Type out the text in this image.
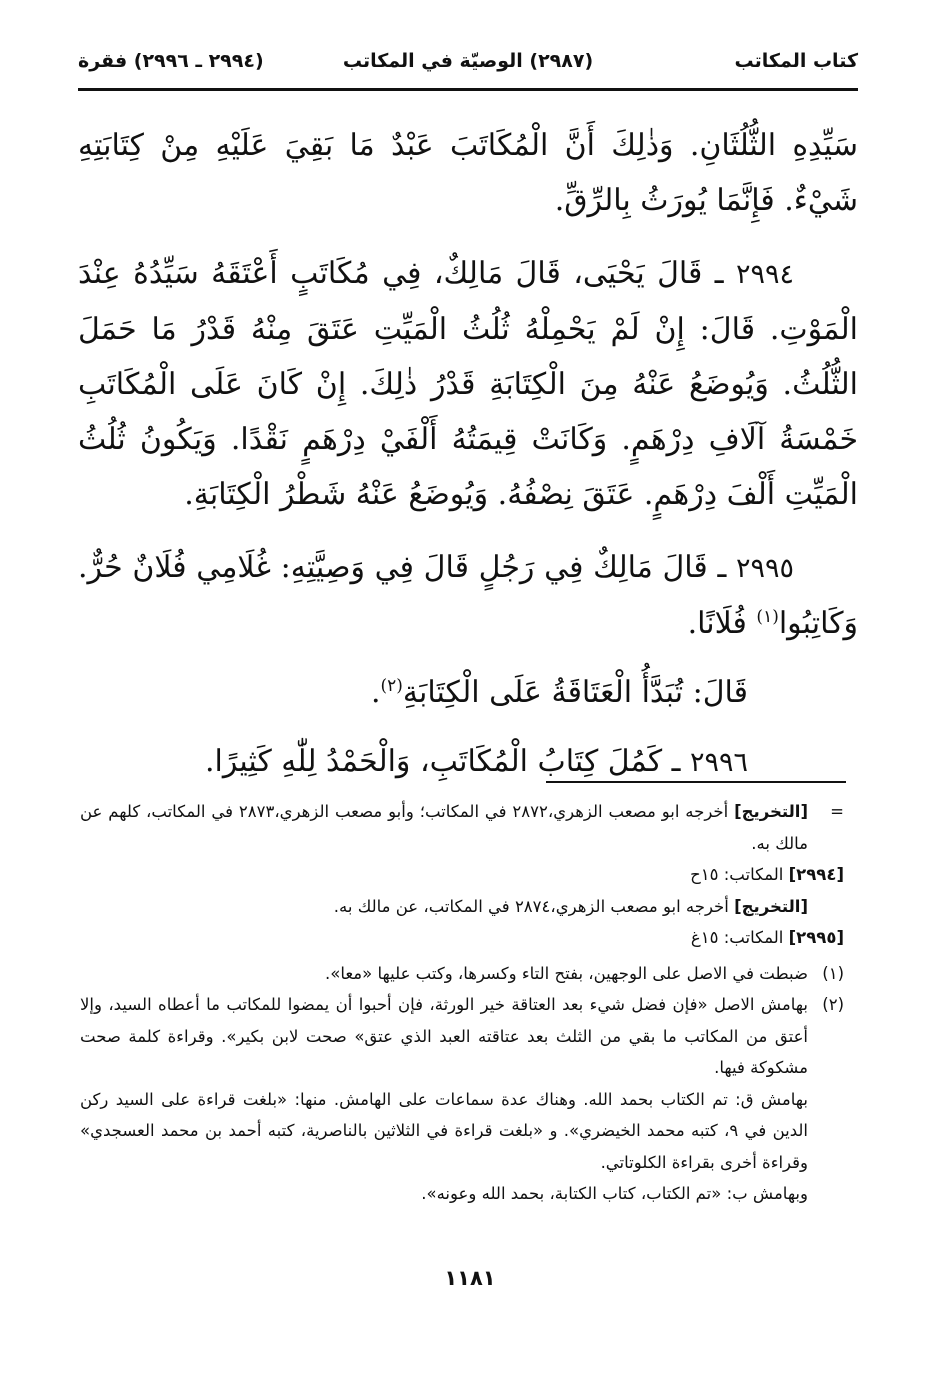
كتاب المكاتب
(٢٩٨٧) الوصيّة في المكاتب
(٢٩٩٤ ـ ٢٩٩٦) فقرة

سَيِّدِهِ الثُّلُثَانِ. وَذٰلِكَ أَنَّ الْمُكَاتَبَ عَبْدٌ مَا بَقِيَ عَلَيْهِ مِنْ كِتَابَتِهِ شَيْءٌ. فَإِنَّمَا يُورَثُ بِالرِّقِّ.

٢٩٩٤ ـ قَالَ يَحْيَى، قَالَ مَالِكٌ، فِي مُكَاتَبٍ أَعْتَقَهُ سَيِّدُهُ عِنْدَ الْمَوْتِ. قَالَ: إِنْ لَمْ يَحْمِلْهُ ثُلُثُ الْمَيِّتِ عَتَقَ مِنْهُ قَدْرُ مَا حَمَلَ الثُّلُثُ. وَيُوضَعُ عَنْهُ مِنَ الْكِتَابَةِ قَدْرُ ذٰلِكَ. إِنْ كَانَ عَلَى الْمُكَاتَبِ خَمْسَةُ آلَافِ دِرْهَمٍ. وَكَانَتْ قِيمَتُهُ أَلْفَيْ دِرْهَمٍ نَقْدًا. وَيَكُونُ ثُلُثُ الْمَيِّتِ أَلْفَ دِرْهَمٍ. عَتَقَ نِصْفُهُ. وَيُوضَعُ عَنْهُ شَطْرُ الْكِتَابَةِ.

٢٩٩٥ ـ قَالَ مَالِكٌ فِي رَجُلٍ قَالَ فِي وَصِيَّتِهِ: غُلَامِي فُلَانٌ حُرٌّ. وَكَاتِبُوا$^{(١)}$ فُلَانًا.

قَالَ: تُبَدَّأُ الْعَتَاقَةُ عَلَى الْكِتَابَةِ$^{(٢)}$.

٢٩٩٦ ـ كَمُلَ كِتَابُ الْمُكَاتَبِ، وَالْحَمْدُ لِلّٰهِ كَثِيرًا.

=
[التخريج] أخرجه ابو مصعب الزهري،٢٨٧٢ في المكاتب؛ وأبو مصعب الزهري،٢٨٧٣ في المكاتب، كلهم عن مالك به.
[٢٩٩٤] المكاتب: ١٥ح
[التخريج] أخرجه ابو مصعب الزهري،٢٨٧٤ في المكاتب، عن مالك به.
[٢٩٩٥] المكاتب: ١٥غ
(١)
ضبطت في الاصل على الوجهين، بفتح التاء وكسرها، وكتب عليها «معا».
(٢)
بهامش الاصل «فإن فضل شيء بعد العتاقة خير الورثة، فإن أحبوا أن يمضوا للمكاتب ما أعطاه السيد، وإلا أعتق من المكاتب ما بقي من الثلث بعد عتاقته العبد الذي عتق» صحت لابن بكير». وقراءة كلمة صحت مشكوكة فيها.
بهامش ق: تم الكتاب بحمد الله. وهناك عدة سماعات على الهامش. منها: «بلغت قراءة على السيد ركن الدين في ٩، كتبه محمد الخيضري». و «بلغت قراءة في الثلاثين بالناصرية، كتبه أحمد بن محمد العسجدي» وقراءة أخرى بقراءة الكلوتاتي.
وبهامش ب: «تم الكتاب، كتاب الكتابة، بحمد الله وعونه».
١١٨١
